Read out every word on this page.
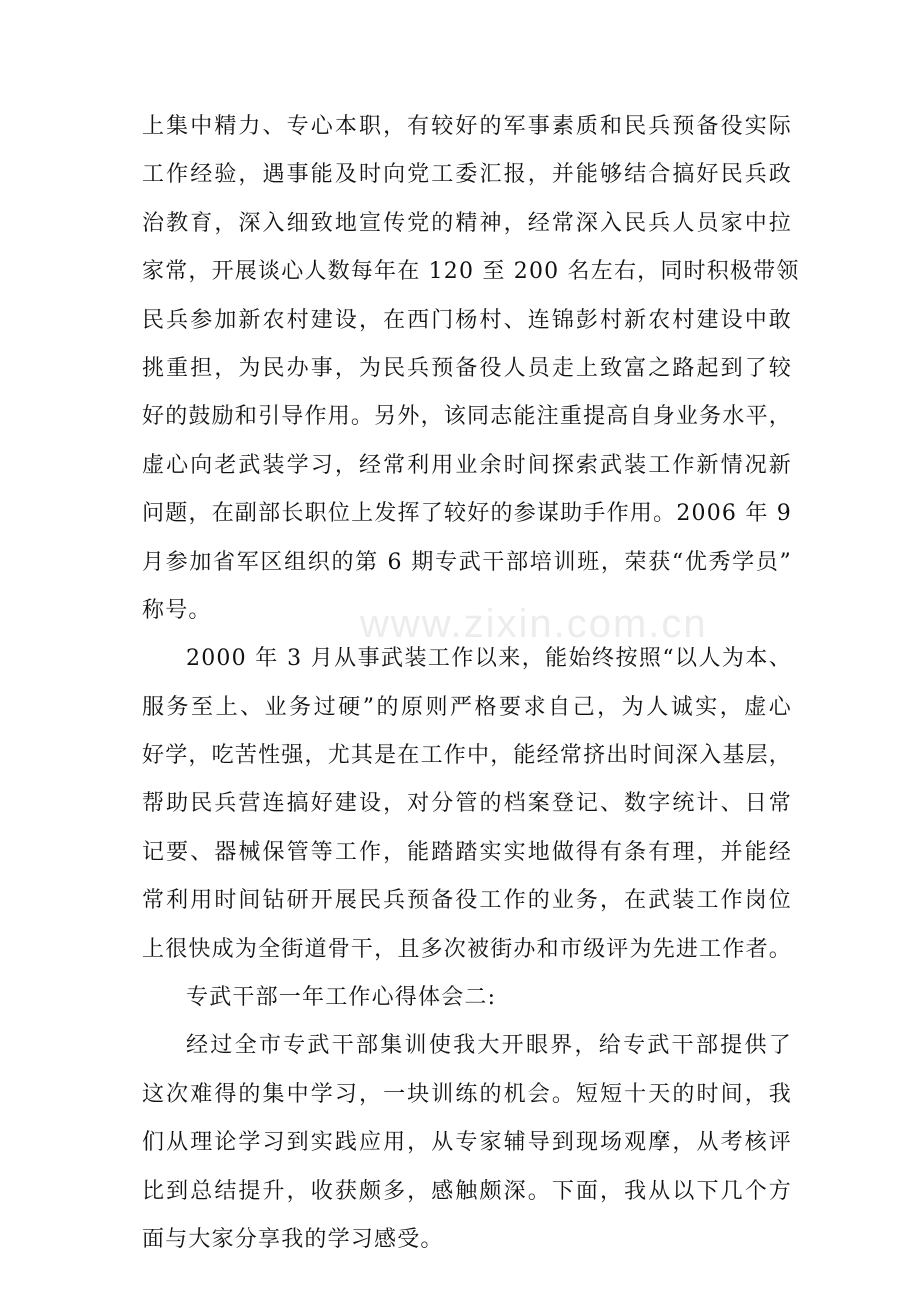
www.zixin.com.cn
上集中精力、专心本职，有较好的军事素质和民兵预备役实际
工作经验，遇事能及时向党工委汇报，并能够结合搞好民兵政
治教育，深入细致地宣传党的精神，经常深入民兵人员家中拉
家常，开展谈心人数每年在 120 至 200 名左右，同时积极带领
民兵参加新农村建设，在西门杨村、连锦彭村新农村建设中敢
挑重担，为民办事，为民兵预备役人员走上致富之路起到了较
好的鼓励和引导作用。另外，该同志能注重提高自身业务水平，
虚心向老武装学习，经常利用业余时间探索武装工作新情况新
问题，在副部长职位上发挥了较好的参谋助手作用。2006 年 9
月参加省军区组织的第 6 期专武干部培训班，荣获“优秀学员”
称号。
2000 年 3 月从事武装工作以来，能始终按照“以人为本、
服务至上、业务过硬”的原则严格要求自己，为人诚实，虚心
好学，吃苦性强，尤其是在工作中，能经常挤出时间深入基层，
帮助民兵营连搞好建设，对分管的档案登记、数字统计、日常
记要、器械保管等工作，能踏踏实实地做得有条有理，并能经
常利用时间钻研开展民兵预备役工作的业务，在武装工作岗位
上很快成为全街道骨干，且多次被街办和市级评为先进工作者。
专武干部一年工作心得体会二:
经过全市专武干部集训使我大开眼界，给专武干部提供了
这次难得的集中学习，一块训练的机会。短短十天的时间，我
们从理论学习到实践应用，从专家辅导到现场观摩，从考核评
比到总结提升，收获颇多，感触颇深。下面，我从以下几个方
面与大家分享我的学习感受。
